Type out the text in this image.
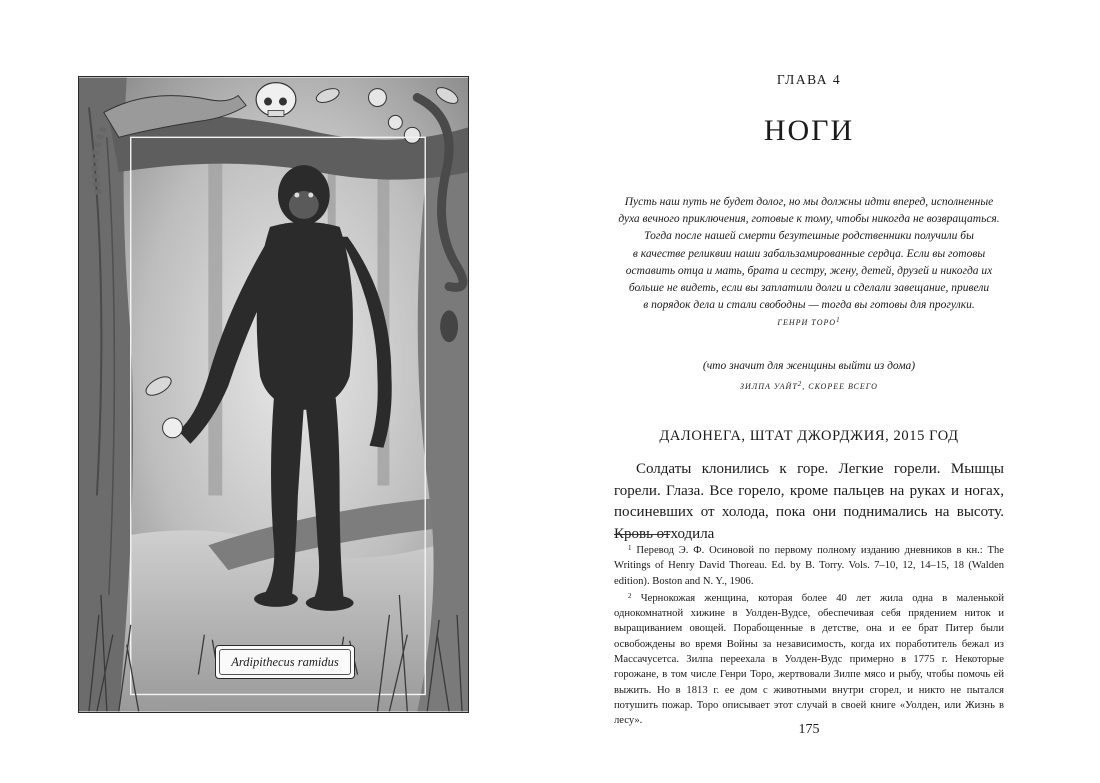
Ardipithecus ramidus
ГЛАВА 4
НОГИ
Пусть наш путь не будет долог, но мы должны идти вперед, исполненные
духа вечного приключения, готовые к тому, чтобы никогда не возвращаться.
Тогда после нашей смерти безутешные родственники получили бы
в качестве реликвии наши забальзамированные сердца. Если вы готовы
оставить отца и мать, брата и сестру, жену, детей, друзей и никогда их
больше не видеть, если вы заплатили долги и сделали завещание, привели
в порядок дела и стали свободны — тогда вы готовы для прогулки.
ГЕНРИ ТОРО$^1$
(что значит для женщины выйти из дома)
ЗИЛПА УАЙТ$^2$, СКОРЕЕ ВСЕГО
ДАЛОНЕГА, ШТАТ ДЖОРДЖИЯ, 2015 ГОД

Солдаты клонились к горе. Легкие горели. Мышцы горели. Глаза. Все горело, кроме пальцев на руках и ногах, посиневших от холода, пока они поднимались на высоту. Кровь отходила

$^1$ Перевод Э. Ф. Осиновой по первому полному изданию дневников в кн.: The Writings of Henry David Thoreau. Ed. by B. Torry. Vols. 7–10, 12, 14–15, 18 (Walden edition). Boston and N. Y., 1906.

$^2$ Чернокожая женщина, которая более 40 лет жила одна в маленькой однокомнатной хижине в Уолден-Вудсе, обеспечивая себя прядением ниток и выращиванием овощей. Порабощенные в детстве, она и ее брат Питер были освобождены во время Войны за независимость, когда их поработитель бежал из Массачусетса. Зилпа переехала в Уолден-Вудс примерно в 1775 г. Некоторые горожане, в том числе Генри Торо, жертвовали Зилпе мясо и рыбу, чтобы помочь ей выжить. Но в 1813 г. ее дом с животными внутри сгорел, и никто не пытался потушить пожар. Торо описывает этот случай в своей книге «Уолден, или Жизнь в лесу».

175
